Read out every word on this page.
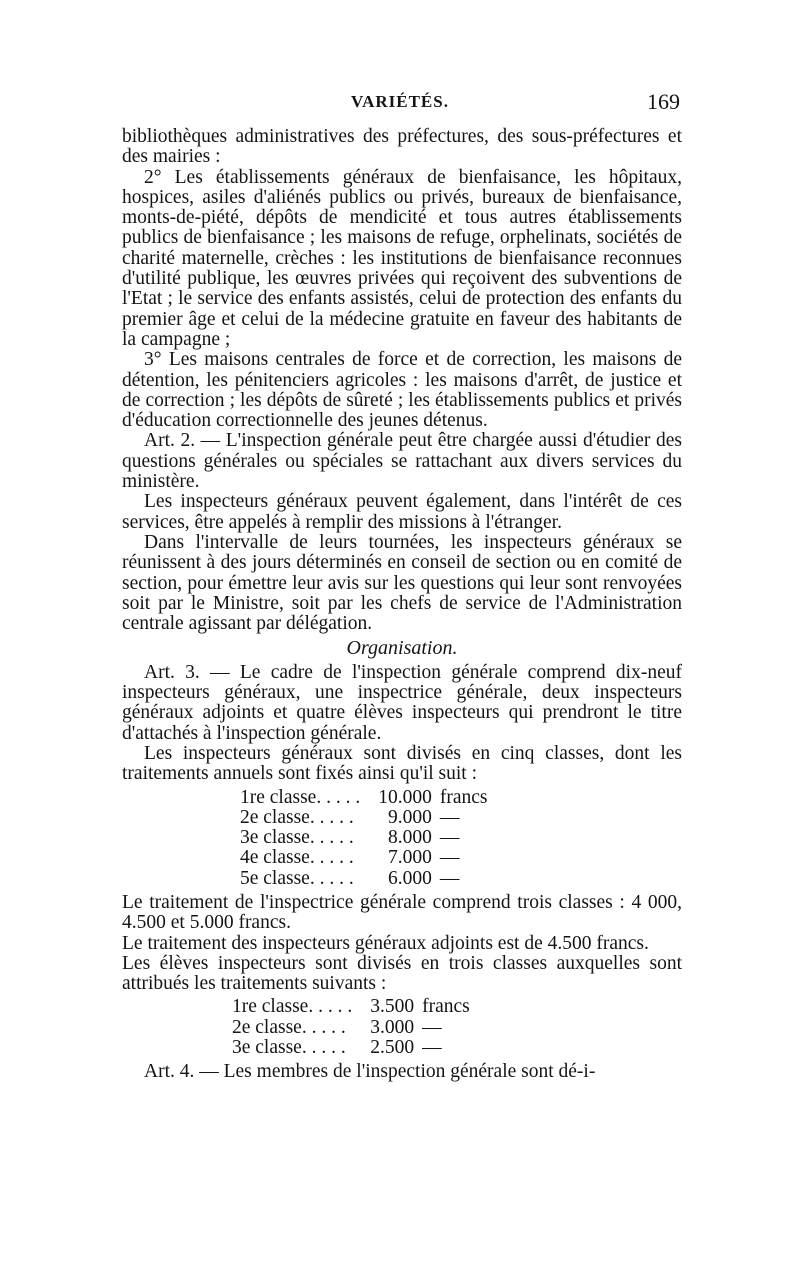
VARIÉTÉS.	169

bibliothèques administratives des préfectures, des sous-préfectures et des mairies :

2° Les établissements généraux de bienfaisance, les hôpitaux, hospices, asiles d'aliénés publics ou privés, bureaux de bienfaisance, monts-de-piété, dépôts de mendicité et tous autres établissements publics de bienfaisance ; les maisons de refuge, orphelinats, sociétés de charité maternelle, crèches : les institutions de bienfaisance reconnues d'utilité publique, les œuvres privées qui reçoivent des subventions de l'Etat ; le service des enfants assistés, celui de protection des enfants du premier âge et celui de la médecine gratuite en faveur des habitants de la campagne ;

3° Les maisons centrales de force et de correction, les maisons de détention, les pénitenciers agricoles : les maisons d'arrêt, de justice et de correction ; les dépôts de sûreté ; les établissements publics et privés d'éducation correctionnelle des jeunes détenus.

Art. 2. — L'inspection générale peut être chargée aussi d'étudier des questions générales ou spéciales se rattachant aux divers services du ministère.

Les inspecteurs généraux peuvent également, dans l'intérêt de ces services, être appelés à remplir des missions à l'étranger.

Dans l'intervalle de leurs tournées, les inspecteurs généraux se réunissent à des jours déterminés en conseil de section ou en comité de section, pour émettre leur avis sur les questions qui leur sont renvoyées soit par le Ministre, soit par les chefs de service de l'Administration centrale agissant par délégation.

Organisation.

Art. 3. — Le cadre de l'inspection générale comprend dix-neuf inspecteurs généraux, une inspectrice générale, deux inspecteurs généraux adjoints et quatre élèves inspecteurs qui prendront le titre d'attachés à l'inspection générale.

Les inspecteurs généraux sont divisés en cinq classes, dont les traitements annuels sont fixés ainsi qu'il suit :

1re classe. . . . .	10.000	francs
2e classe. . . . .	9.000	—
3e classe. . . . .	8.000	—
4e classe. . . . .	7.000	—
5e classe. . . . .	6.000	—

Le traitement de l'inspectrice générale comprend trois classes : 4 000, 4.500 et 5.000 francs.

Le traitement des inspecteurs généraux adjoints est de 4.500 francs.

Les élèves inspecteurs sont divisés en trois classes auxquelles sont attribués les traitements suivants :

1re classe. . . . .	3.500	francs
2e classe. . . . .	3.000	—
3e classe. . . . .	2.500	—

Art. 4. — Les membres de l'inspection générale sont dé-i-
